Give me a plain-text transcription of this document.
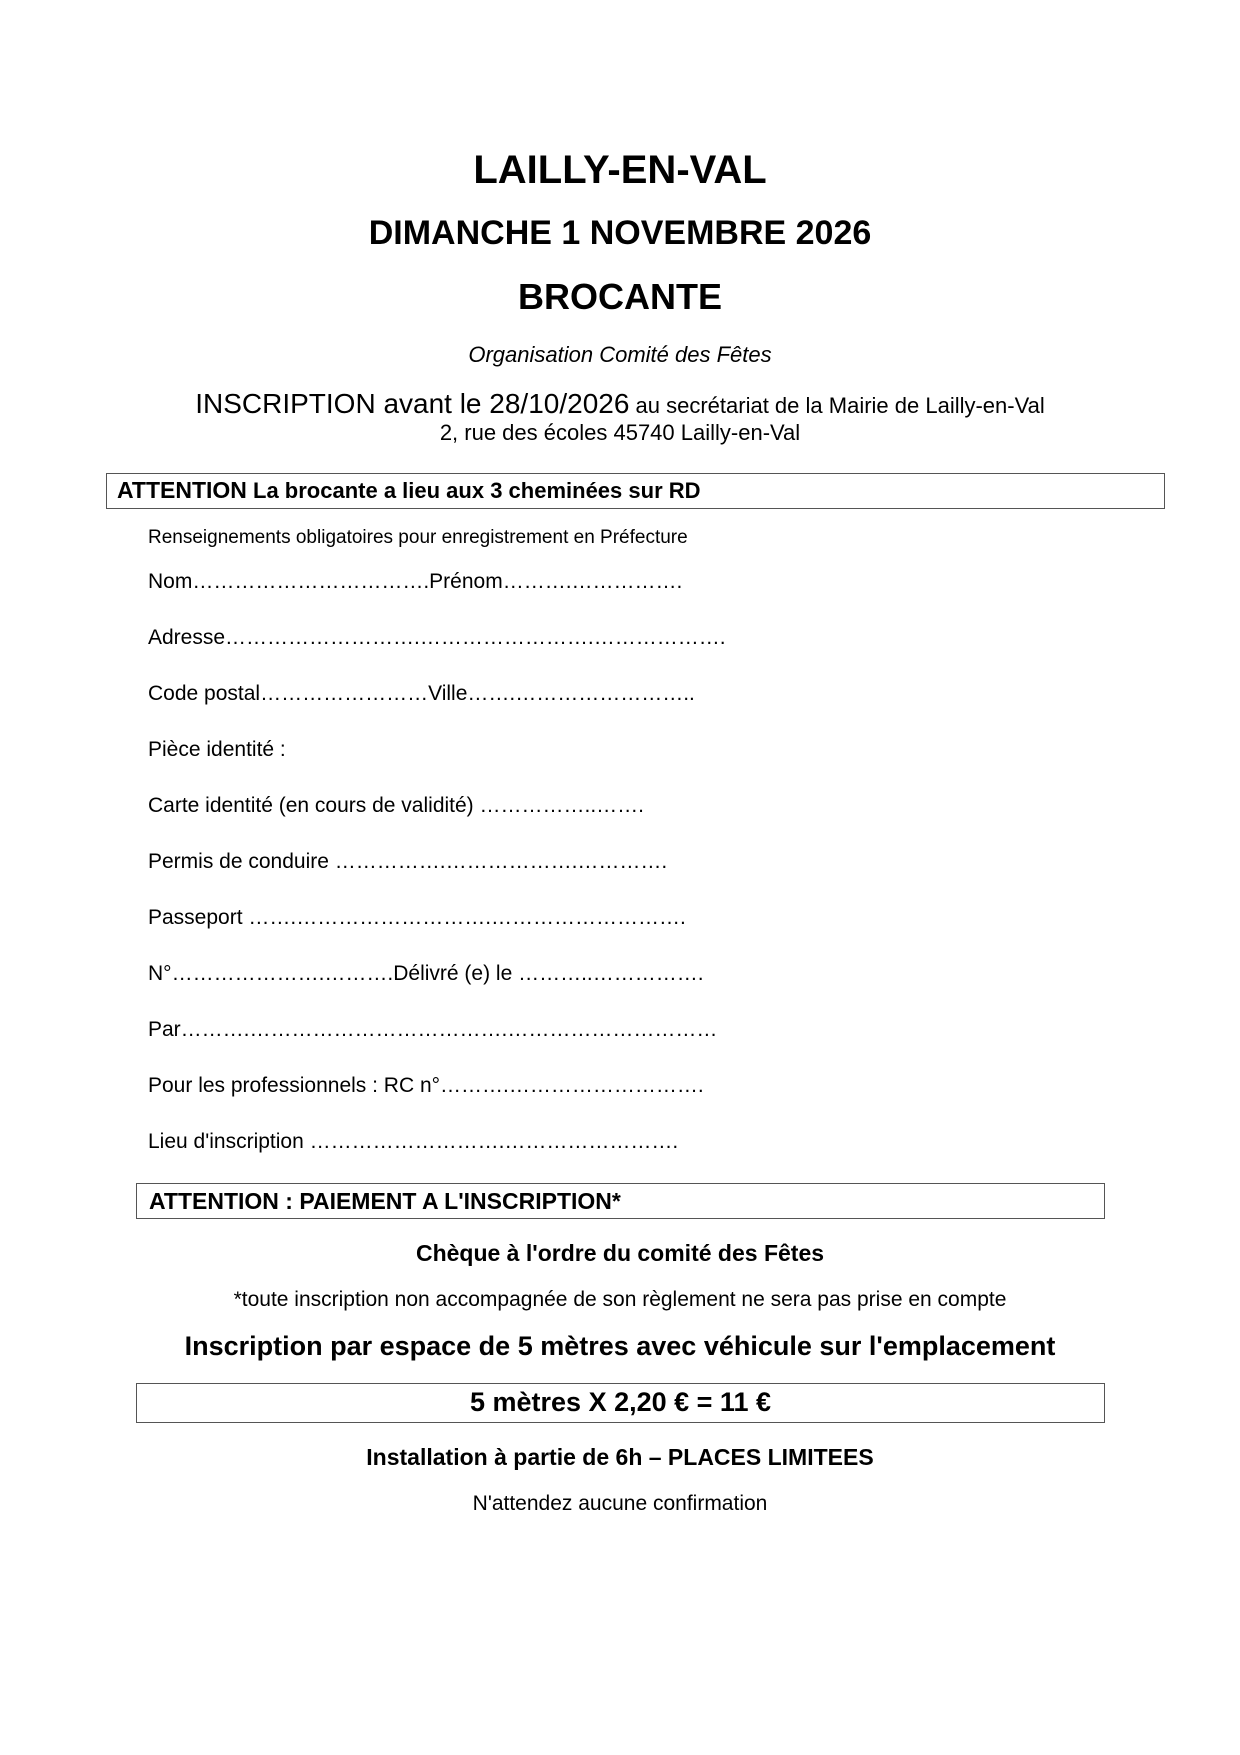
LAILLY-EN-VAL
DIMANCHE 1 NOVEMBRE 2026
BROCANTE
Organisation Comité des Fêtes
INSCRIPTION avant le 28/10/2026 au secrétariat de la Mairie de Lailly-en-Val
2, rue des écoles 45740 Lailly-en-Val
ATTENTION La brocante a lieu aux 3 cheminées sur RD
Renseignements obligatoires pour enregistrement en Préfecture
Nom…………………………….Prénom……….…………….
Adresse……………………….…………………….……………….
Code postal……………………Ville…….……………………..
Pièce identité :
Carte identité (en cours de validité) ……………..…….
Permis de conduire …………….……………….………….
Passeport …….……………………….……………………….
N°………………….……….Délivré (e) le ………..…………….
Par……….……………………………….…………………………
Pour les professionnels : RC n°……….……………………….
Lieu d'inscription ……………………….…………………….
ATTENTION : PAIEMENT A L'INSCRIPTION*
Chèque à l'ordre du comité des Fêtes
*toute inscription non accompagnée de son règlement ne sera pas prise en compte
Inscription par espace de 5 mètres avec véhicule sur l'emplacement
5 mètres X 2,20 € = 11 €
Installation à partie de 6h – PLACES LIMITEES
N'attendez aucune confirmation
